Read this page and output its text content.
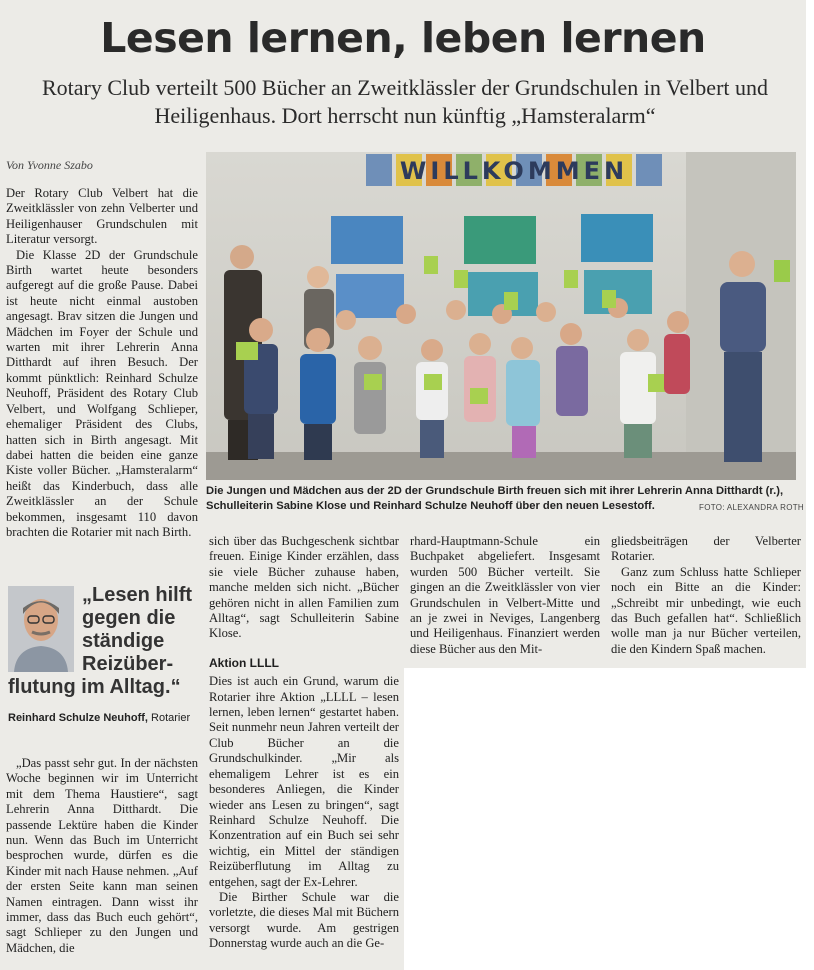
Lesen lernen, leben lernen
Rotary Club verteilt 500 Bücher an Zweitklässler der Grundschulen in Velbert und Heiligenhaus. Dort herrscht nun künftig „Hamsteralarm“
Von Yvonne Szabo	WILLKOMMEN
Die Jungen und Mädchen aus der 2D der Grundschule Birth freuen sich mit ihrer Lehrerin Anna Ditthardt (r.), Schulleiterin Sabine Klose und Reinhard Schulze Neuhoff über den neuen Lesestoff.	FOTO: ALEXANDRA ROTH

Der Rotary Club Velbert hat die Zweitklässler von zehn Velberter und Heiligenhauser Grundschulen mit Literatur versorgt.

Die Klasse 2D der Grundschule Birth wartet heute besonders aufgeregt auf die große Pause. Dabei ist heute nicht einmal austoben angesagt. Brav sitzen die Jungen und Mädchen im Foyer der Schule und warten mit ihrer Lehrerin Anna Ditthardt auf ihren Besuch. Der kommt pünktlich: Reinhard Schulze Neuhoff, Präsident des Rotary Club Velbert, und Wolfgang Schlieper, ehemaliger Präsident des Clubs, hatten sich in Birth angesagt. Mit dabei hatten die beiden eine ganze Kiste voller Bücher. „Hamsteralarm“ heißt das Kinderbuch, dass alle Zweitklässler an der Schule bekommen, insgesamt 110 davon brachten die Rotarier mit nach Birth.

„Lesen hilft gegen die ständige Reizüber-
flutung im Alltag.“
Reinhard Schulze Neuhoff, Rotarier

„Das passt sehr gut. In der nächsten Woche beginnen wir im Unterricht mit dem Thema Haustiere“, sagt Lehrerin Anna Ditthardt. Die passende Lektüre haben die Kinder nun. Wenn das Buch im Unterricht besprochen wurde, dürfen es die Kinder mit nach Hause nehmen. „Auf der ersten Seite kann man seinen Namen eintragen. Dann wisst ihr immer, dass das Buch euch gehört“, sagt Schlieper zu den Jungen und Mädchen, die

sich über das Buchgeschenk sichtbar freuen. Einige Kinder erzählen, dass sie viele Bücher zuhause haben, manche melden sich nicht. „Bücher gehören nicht in allen Familien zum Alltag“, sagt Schulleiterin Sabine Klose.

Aktion LLLL

Dies ist auch ein Grund, warum die Rotarier ihre Aktion „LLLL – lesen lernen, leben lernen“ gestartet haben. Seit nunmehr neun Jahren verteilt der Club Bücher an die Grundschulkinder. „Mir als ehemaligem Lehrer ist es ein besonderes Anliegen, die Kinder wieder ans Lesen zu bringen“, sagt Reinhard Schulze Neuhoff. Die Konzentration auf ein Buch sei sehr wichtig, ein Mittel der ständigen Reizüberflutung im Alltag zu entgehen, sagt der Ex-Lehrer.

Die Birther Schule war die vorletzte, die dieses Mal mit Büchern versorgt wurde. Am gestrigen Donnerstag wurde auch an die Ge-

rhard-Hauptmann-Schule ein Buchpaket abgeliefert. Insgesamt wurden 500 Bücher verteilt. Sie gingen an die Zweitklässler von vier Grundschulen in Velbert-Mitte und an je zwei in Neviges, Langenberg und Heiligenhaus. Finanziert werden diese Bücher aus den Mit-

gliedsbeiträgen der Velberter Rotarier.

Ganz zum Schluss hatte Schlieper noch ein Bitte an die Kinder: „Schreibt mir unbedingt, wie euch das Buch gefallen hat“. Schließlich wolle man ja nur Bücher verteilen, die den Kindern Spaß machen.
